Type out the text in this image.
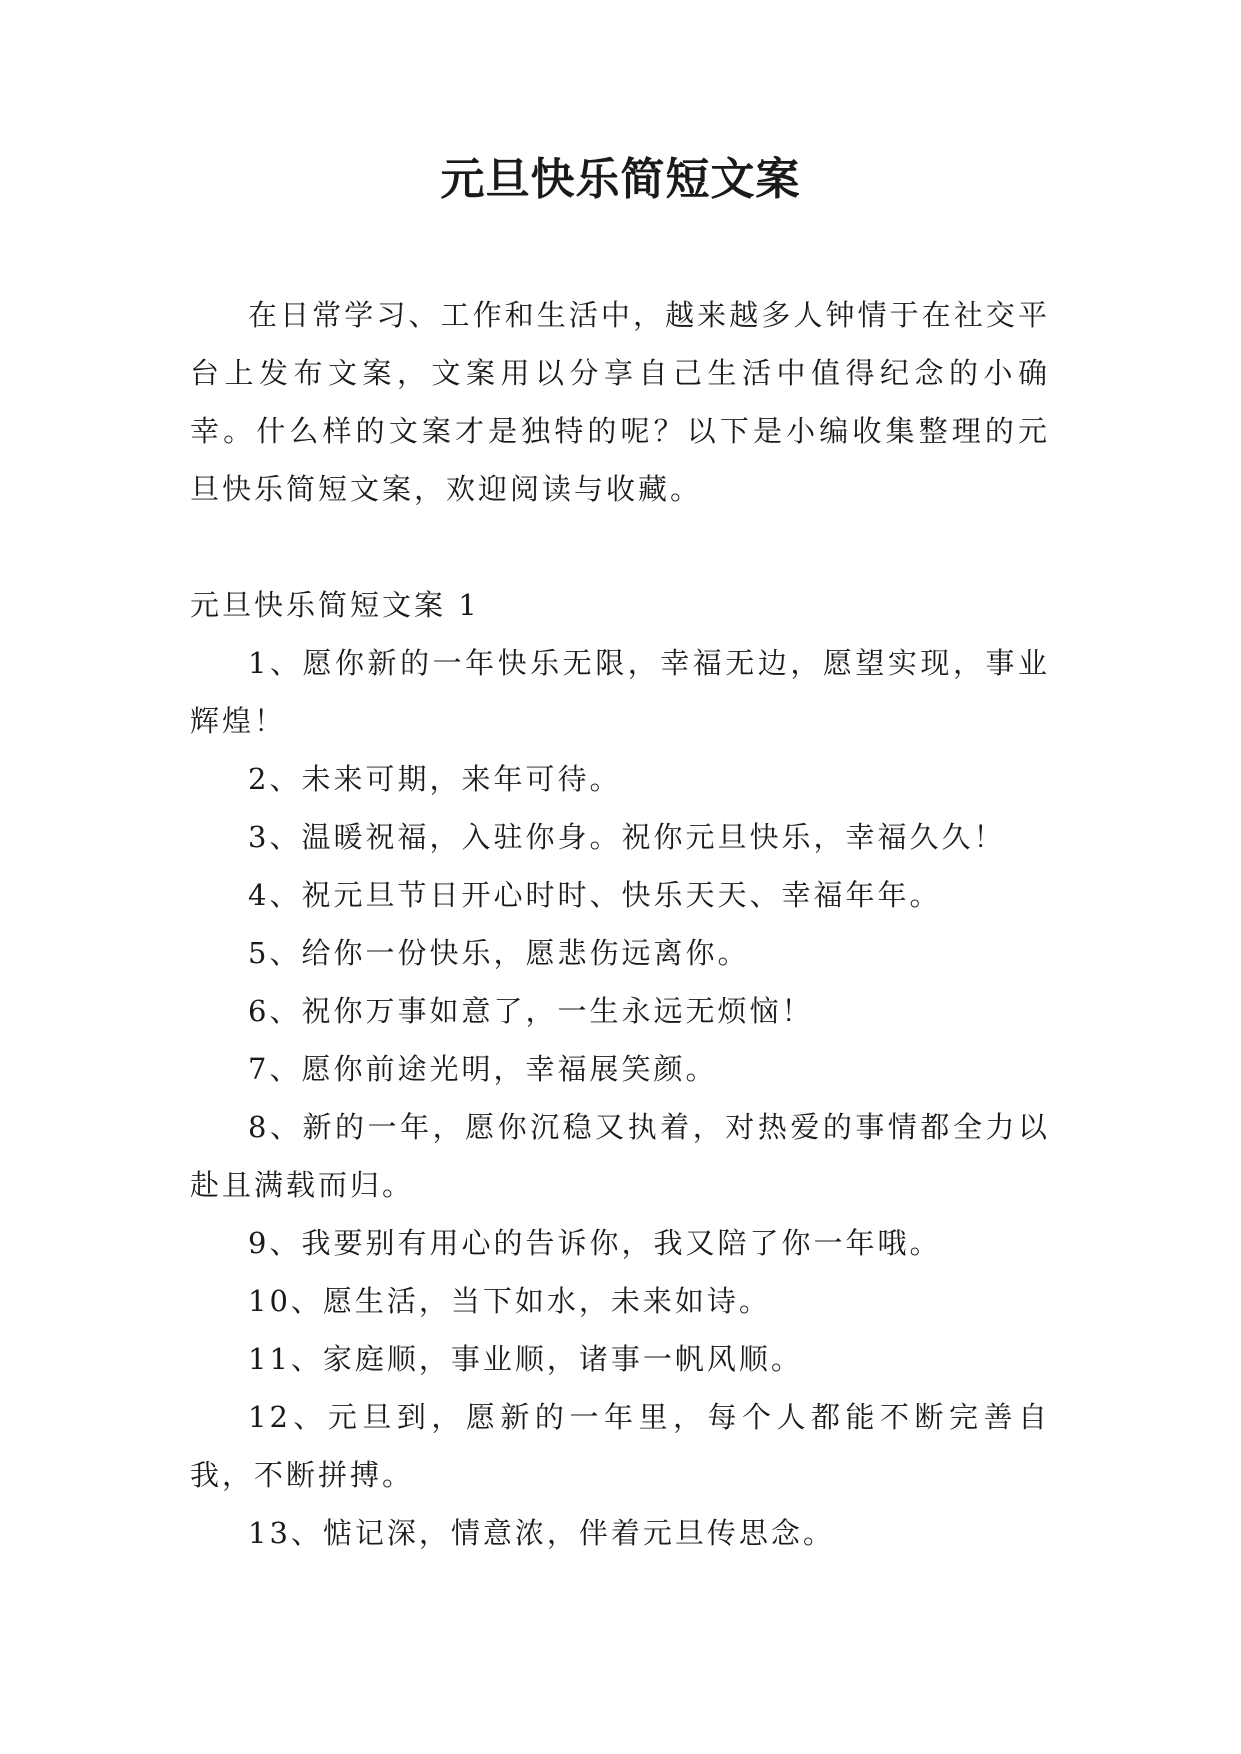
元旦快乐简短文案

在日常学习、工作和生活中，越来越多人钟情于在社交平台上发布文案，文案用以分享自己生活中值得纪念的小确幸。什么样的文案才是独特的呢？以下是小编收集整理的元旦快乐简短文案，欢迎阅读与收藏。

元旦快乐简短文案 1

1、愿你新的一年快乐无限，幸福无边，愿望实现，事业辉煌！

2、未来可期，来年可待。

3、温暖祝福，入驻你身。祝你元旦快乐，幸福久久！

4、祝元旦节日开心时时、快乐天天、幸福年年。

5、给你一份快乐，愿悲伤远离你。

6、祝你万事如意了，一生永远无烦恼！

7、愿你前途光明，幸福展笑颜。

8、新的一年，愿你沉稳又执着，对热爱的事情都全力以赴且满载而归。

9、我要别有用心的告诉你，我又陪了你一年哦。

10、愿生活，当下如水，未来如诗。

11、家庭顺，事业顺，诸事一帆风顺。

12、元旦到，愿新的一年里，每个人都能不断完善自我，不断拼搏。

13、惦记深，情意浓，伴着元旦传思念。
